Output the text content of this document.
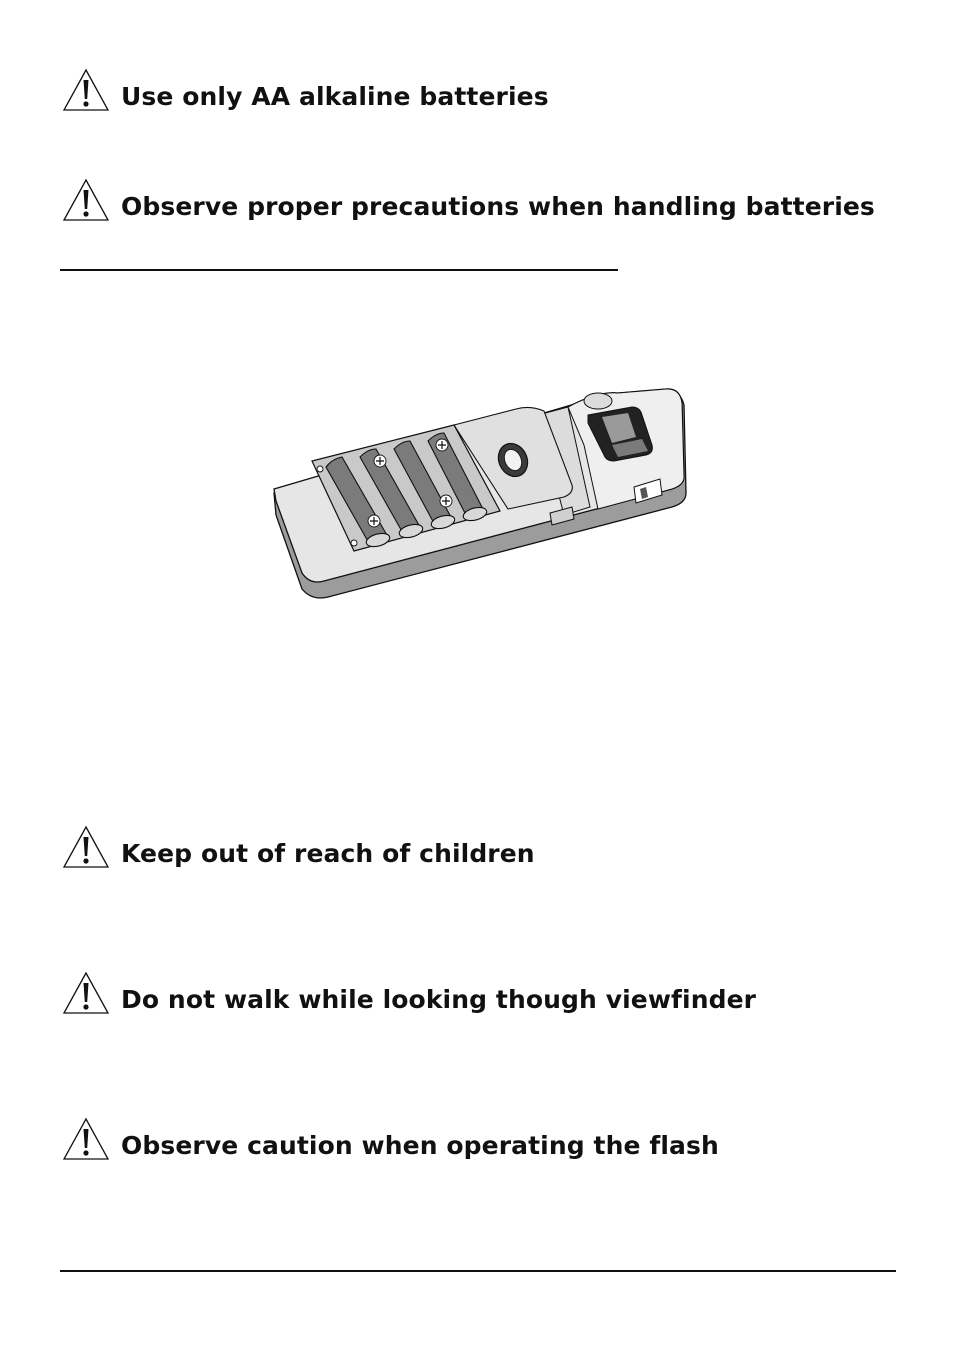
Use only AA alkaline batteries
Observe proper precautions when handling batteries
Keep out of reach of children
Do not walk while looking though viewfinder
Observe caution when operating the flash
